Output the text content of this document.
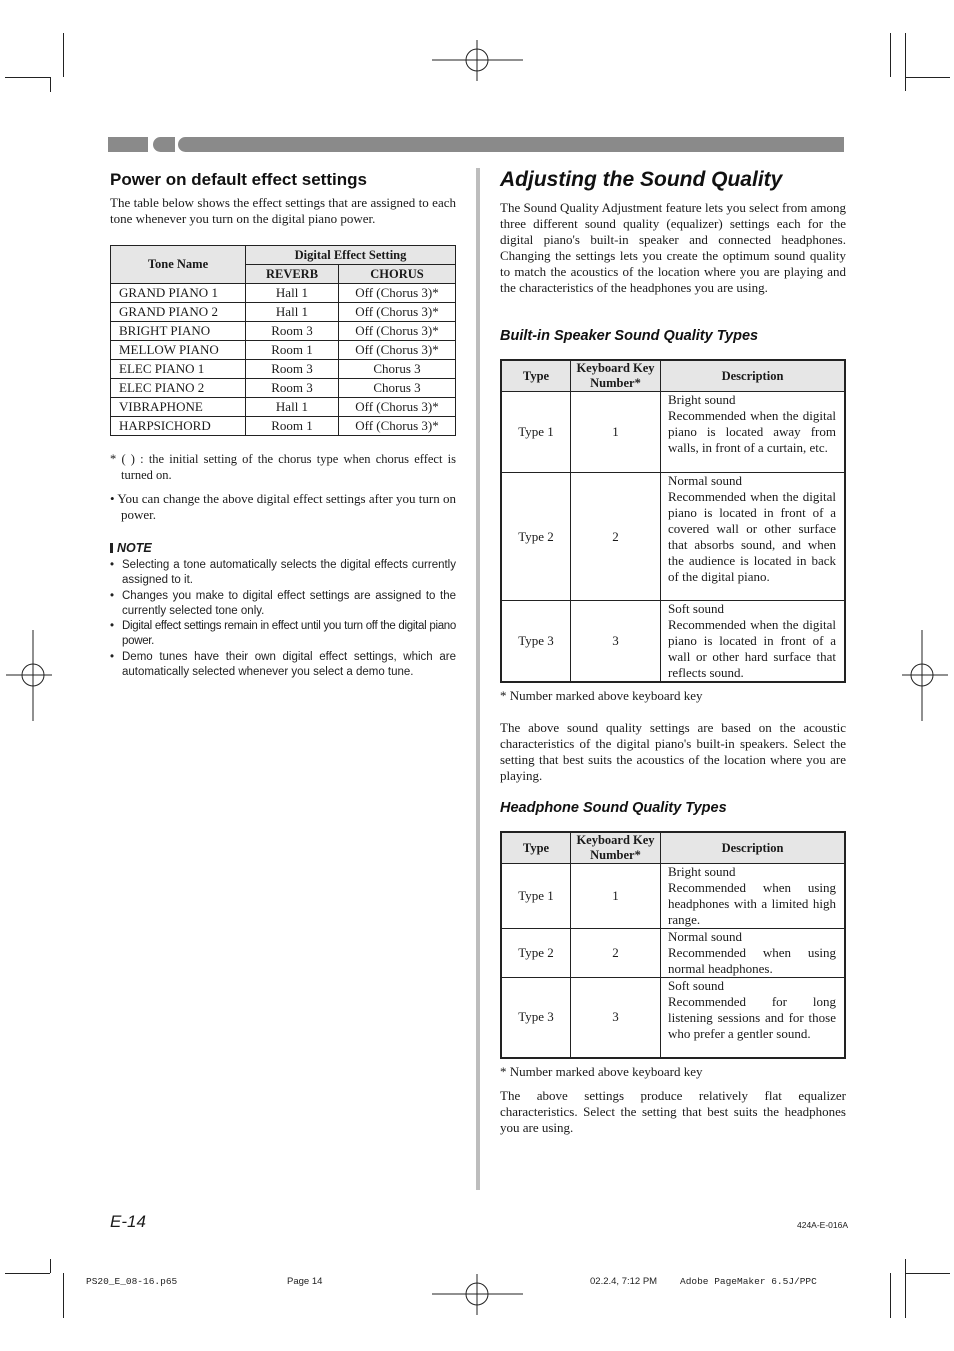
Power on default effect settings

The table below shows the effect settings that are assigned to each tone whenever you turn on the digital piano power.

Tone Name	Digital Effect Setting	
	REVERB	CHORUS
GRAND PIANO 1	Hall 1	Off (Chorus 3)*
GRAND PIANO 2	Hall 1	Off (Chorus 3)*
BRIGHT PIANO	Room 3	Off (Chorus 3)*
MELLOW PIANO	Room 1	Off (Chorus 3)*
ELEC PIANO 1	Room 3	Chorus 3
ELEC PIANO 2	Room 3	Chorus 3
VIBRAPHONE	Hall 1	Off (Chorus 3)*
HARPSICHORD	Room 1	Off (Chorus 3)*

* ( ) : the initial setting of the chorus type when chorus effect is turned on.

• You can change the above digital effect settings after you turn on power.

NOTE
• Selecting a tone automatically selects the digital effects currently assigned to it.
• Changes you make to digital effect settings are assigned to the currently selected tone only.
• Digital effect settings remain in effect until you turn off the digital piano power.
• Demo tunes have their own digital effect settings, which are automatically selected whenever you select a demo tune.
Adjusting the Sound Quality

The Sound Quality Adjustment feature lets you select from among three different sound quality (equalizer) settings each for the digital piano's built-in speaker and connected headphones. Changing the settings lets you create the optimum sound quality to match the acoustics of the location where you are playing and the characteristics of the headphones you are using.

Built-in Speaker Sound Quality Types
Type	Keyboard Key Number*	Description
Type 1	1	Bright sound
Recommended when the digital piano is located away from walls, in front of a curtain, etc.

Type 2	2	Normal sound
Recommended when the digital piano is located in front of a covered wall or other surface that absorbs sound, and when the audience is located in back of the digital piano.

Type 3	3	Soft sound
Recommended when the digital piano is located in front of a wall or other hard surface that reflects sound.

* Number marked above keyboard key

The above sound quality settings are based on the acoustic characteristics of the digital piano's built-in speakers. Select the setting that best suits the acoustics of the location where you are playing.

Headphone Sound Quality Types
Type	Keyboard Key Number*	Description
Type 1	1	Bright sound
Recommended when using headphones with a limited high range.

Type 2	2	Normal sound
Recommended when using normal headphones.

Type 3	3	Soft sound
Recommended for long listening sessions and for those who prefer a gentler sound.

* Number marked above keyboard key

The above settings produce relatively flat equalizer characteristics. Select the setting that best suits the headphones you are using.

E-14	424A-E-016A
PS20_E_08-16.p65	Page 14	02.2.4, 7:12 PM Adobe PageMaker 6.5J/PPC
